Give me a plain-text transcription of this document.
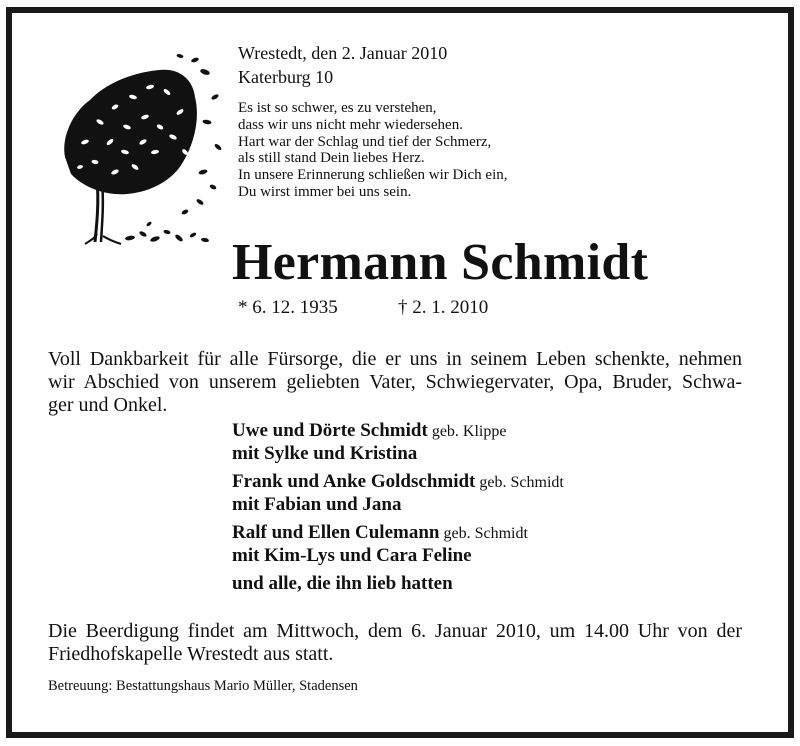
Wrestedt, den 2. Januar 2010
Katerburg 10
Es ist so schwer, es zu verstehen,
dass wir uns nicht mehr wiedersehen.
Hart war der Schlag und tief der Schmerz,
als still stand Dein liebes Herz.
In unsere Erinnerung schließen wir Dich ein,
Du wirst immer bei uns sein.
Hermann Schmidt
* 6. 12. 1935	† 2. 1. 2010
Voll Dankbarkeit für alle Fürsorge, die er uns in seinem Leben schenkte, nehmen
wir Abschied von unserem geliebten Vater, Schwiegervater, Opa, Bruder, Schwa-
ger und Onkel.
Uwe und Dörte Schmidt geb. Klippe
mit Sylke und Kristina
Frank und Anke Goldschmidt geb. Schmidt
mit Fabian und Jana
Ralf und Ellen Culemann geb. Schmidt
mit Kim-Lys und Cara Feline
und alle, die ihn lieb hatten
Die Beerdigung findet am Mittwoch, dem 6. Januar 2010, um 14.00 Uhr von der
Friedhofskapelle Wrestedt aus statt.
Betreuung: Bestattungshaus Mario Müller, Stadensen
